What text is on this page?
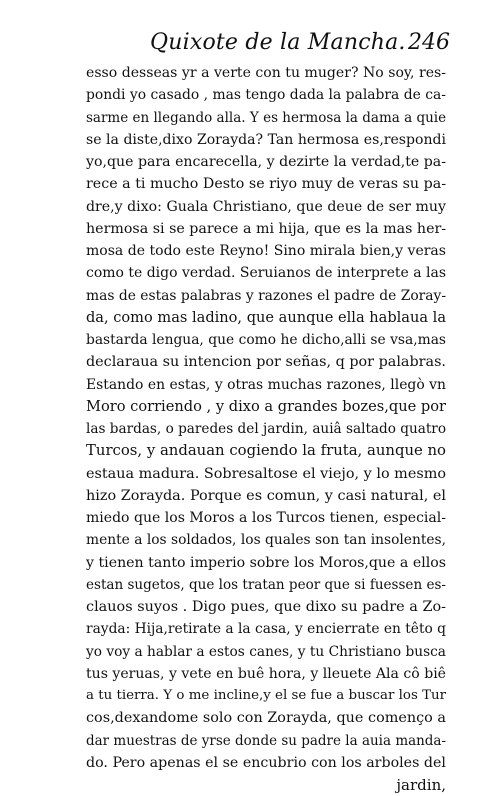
Quixote de la Mancha. 246
esso desseas yr a verte con tu muger? No soy, res-
pondi yo casado , mas tengo dada la palabra de ca-
sarme en llegando alla. Y es hermosa la dama a quie
se la diste,dixo Zorayda? Tan hermosa es,respondi
yo,que para encarecella, y dezirte la verdad,te pa-
rece a ti mucho Desto se riyo muy de veras su pa-
dre,y dixo: Guala Christiano, que deue de ser muy
hermosa si se parece a mi hija, que es la mas her-
mosa de todo este Reyno! Sino mirala bien,y veras
como te digo verdad. Seruianos de interprete a las
mas de estas palabras y razones el padre de Zoray-
da, como mas ladino, que aunque ella hablaua la
bastarda lengua, que como he dicho,alli se vsa,mas
declaraua su intencion por señas, q por palabras.
Estando en estas, y otras muchas razones, llegò vn
Moro corriendo , y dixo a grandes bozes,que por
las bardas, o paredes del jardin, auiâ saltado quatro
Turcos, y andauan cogiendo la fruta, aunque no
estaua madura. Sobresaltose el viejo, y lo mesmo
hizo Zorayda. Porque es comun, y casi natural, el
miedo que los Moros a los Turcos tienen, especial-
mente a los soldados, los quales son tan insolentes,
y tienen tanto imperio sobre los Moros,que a ellos
estan sugetos, que los tratan peor que si fuessen es-
clauos suyos . Digo pues, que dixo su padre a Zo-
rayda: Hija,retirate a la casa, y encierrate en têto q
yo voy a hablar a estos canes, y tu Christiano busca
tus yeruas, y vete en buê hora, y lleuete Ala cô biê
a tu tierra. Y o me incline,y el se fue a buscar los Tur
cos,dexandome solo con Zorayda, que començo a
dar muestras de yrse donde su padre la auia manda-
do. Pero apenas el se encubrio con los arboles del
jardin,
